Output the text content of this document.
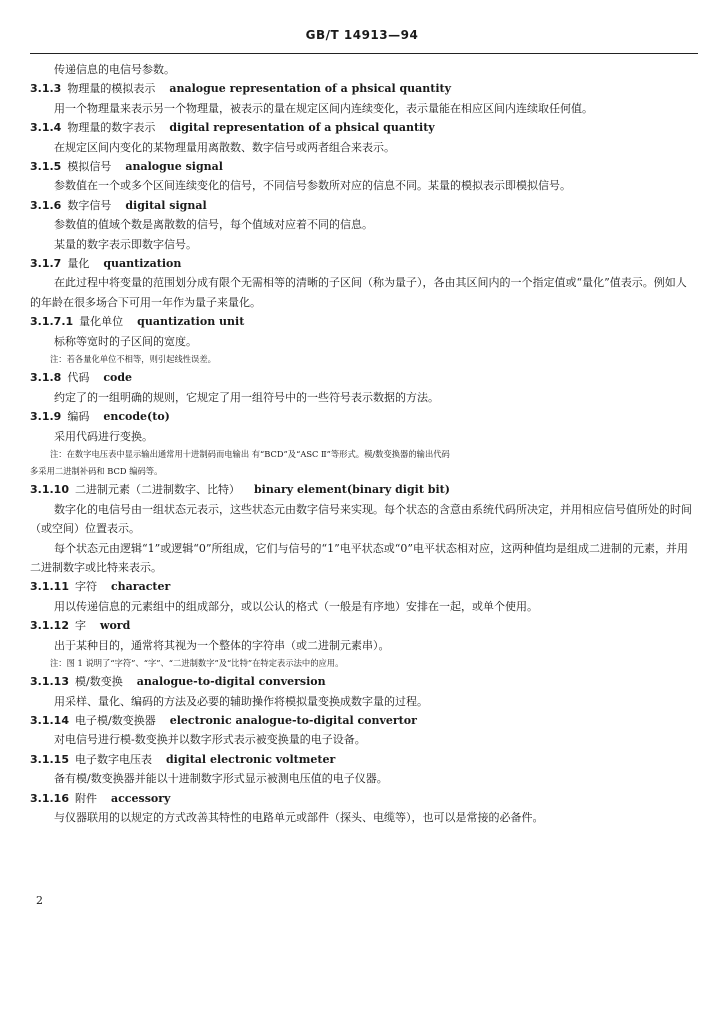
GB/T 14913—94

传递信息的电信号参数。

3.1.3 物理量的模拟表示 analogue representation of a phsical quantity

用一个物理量来表示另一个物理量，被表示的量在规定区间内连续变化，表示量能在相应区间内连续取任何值。

3.1.4 物理量的数字表示 digital representation of a phsical quantity

在规定区间内变化的某物理量用离散数、数字信号或两者组合来表示。

3.1.5 模拟信号 analogue signal

参数值在一个或多个区间连续变化的信号，不同信号参数所对应的信息不同。某量的模拟表示即模拟信号。

3.1.6 数字信号 digital signal

参数值的值域个数是离散数的信号，每个值域对应着不同的信息。

某量的数字表示即数字信号。

3.1.7 量化 quantization

在此过程中将变量的范围划分成有限个无需相等的清晰的子区间（称为量子），各由其区间内的一个指定值或“量化”值表示。例如人的年龄在很多场合下可用一年作为量子来量化。

3.1.7.1 量化单位 quantization unit

标称等宽时的子区间的宽度。

注：若各量化单位不相等，则引起线性误差。

3.1.8 代码 code

约定了的一组明确的规则，它规定了用一组符号中的一些符号表示数据的方法。

3.1.9 编码 encode(to)

采用代码进行变换。

注：在数字电压表中显示输出通常用十进制码而电输出 有“BCD”及“ASC Ⅱ”等形式。模/数变换器的输出代码

多采用二进制补码和 BCD 编码等。

3.1.10 二进制元素（二进制数字、比特） binary element(binary digit bit)

数字化的电信号由一组状态元表示，这些状态元由数字信号来实现。每个状态的含意由系统代码所决定，并用相应信号值所处的时间（或空间）位置表示。

每个状态元由逻辑“1”或逻辑“0”所组成，它们与信号的“1”电平状态或“0”电平状态相对应，这两种值均是组成二进制的元素，并用二进制数字或比特来表示。

3.1.11 字符 character

用以传递信息的元素组中的组成部分，或以公认的格式（一般是有序地）安排在一起，或单个使用。

3.1.12 字 word

出于某种目的，通常将其视为一个整体的字符串（或二进制元素串）。

注：图 1 说明了“字符”、“字”、“二进制数字”及“比特”在特定表示法中的应用。

3.1.13 模/数变换 analogue-to-digital conversion

用采样、量化、编码的方法及必要的辅助操作将模拟量变换成数字量的过程。

3.1.14 电子模/数变换器 electronic analogue-to-digital convertor

对电信号进行模-数变换并以数字形式表示被变换量的电子设备。

3.1.15 电子数字电压表 digital electronic voltmeter

备有模/数变换器并能以十进制数字形式显示被测电压值的电子仪器。

3.1.16 附件 accessory

与仪器联用的以规定的方式改善其特性的电路单元或部件（探头、电缆等），也可以是常接的必备件。

2
